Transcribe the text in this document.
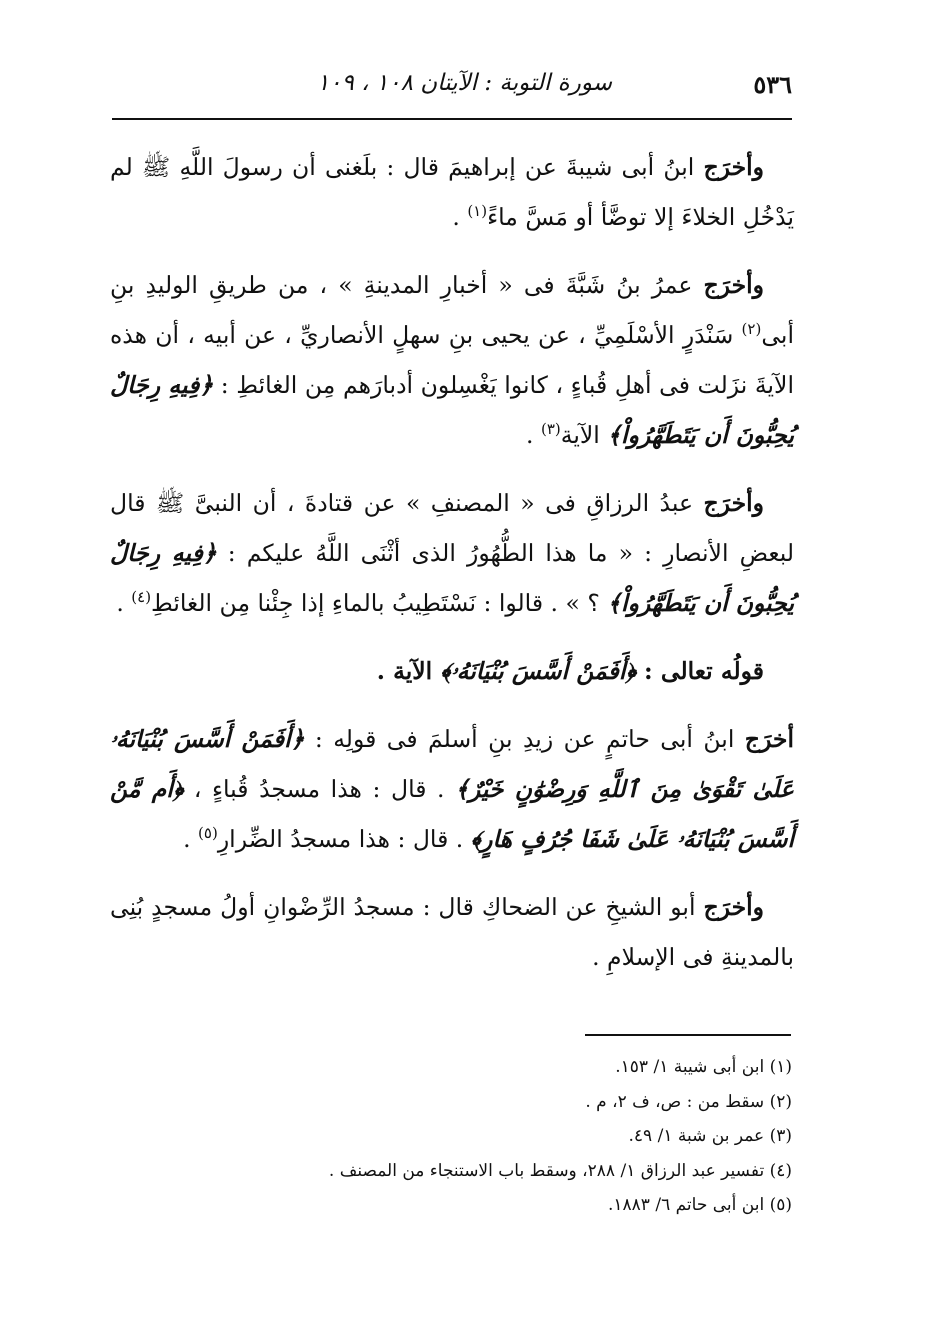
٥٣٦
سورة التوبة : الآيتان ١٠٨ ، ١٠٩

وأخرَج ابنُ أبى شيبةَ عن إبراهيمَ قال : بلَغنى أن رسولَ اللَّهِ ﷺ لم يَدْخُلِ الخلاءَ إلا توضَّأ أو مَسَّ ماءً$^{(١)}$ .

وأخرَج عمرُ بنُ شَبَّةَ فى « أخبارِ المدينةِ » ، من طريقِ الوليدِ بنِ أبى$^{(٢)}$ سَنْدَرٍ الأسْلَمِيِّ ، عن يحيى بنِ سهلٍ الأنصاريِّ ، عن أبيه ، أن هذه الآيةَ نزَلت فى أهلِ قُباءٍ ، كانوا يَغْسِلون أدبارَهم مِن الغائطِ : ﴿فِيهِ رِجَالٌ يُحِبُّونَ أَن يَتَطَهَّرُواْ﴾ الآية$^{(٣)}$ .

وأخرَج عبدُ الرزاقِ فى « المصنفِ » عن قتادةَ ، أن النبىَّ ﷺ قال لبعضِ الأنصارِ : « ما هذا الطُّهُورُ الذى أثْنَى اللَّهُ عليكم : ﴿فِيهِ رِجَالٌ يُحِبُّونَ أَن يَتَطَهَّرُواْ﴾ ؟ » . قالوا : نَسْتَطِيبُ بالماءِ إذا جِئْنا مِن الغائطِ$^{(٤)}$ .

قولُه تعالى : ﴿أَفَمَنْ أَسَّسَ بُنْيَانَهُۥ﴾ الآية .

أخرَج ابنُ أبى حاتمٍ عن زيدِ بنِ أسلمَ فى قولِه : ﴿أَفَمَنْ أَسَّسَ بُنْيَانَهُۥ عَلَىٰ تَقْوَىٰ مِنَ ٱللَّهِ وَرِضْوَٰنٍ خَيْرٌ﴾ . قال : هذا مسجدُ قُباءٍ ، ﴿أَم مَّنْ أَسَّسَ بُنْيَانَهُۥ عَلَىٰ شَفَا جُرُفٍ هَارٍ﴾ . قال : هذا مسجدُ الضِّرارِ$^{(٥)}$ .

وأخرَج أبو الشيخِ عن الضحاكِ قال : مسجدُ الرِّضْوانِ أولُ مسجدٍ بُنِى بالمدينةِ فى الإسلامِ .

(١) ابن أبى شيبة ١/ ١٥٣.
(٢) سقط من : ص، ف ٢، م .
(٣) عمر بن شبة ١/ ٤٩.
(٤) تفسير عبد الرزاق ١/ ٢٨٨، وسقط باب الاستنجاء من المصنف .
(٥) ابن أبى حاتم ٦/ ١٨٨٣.
